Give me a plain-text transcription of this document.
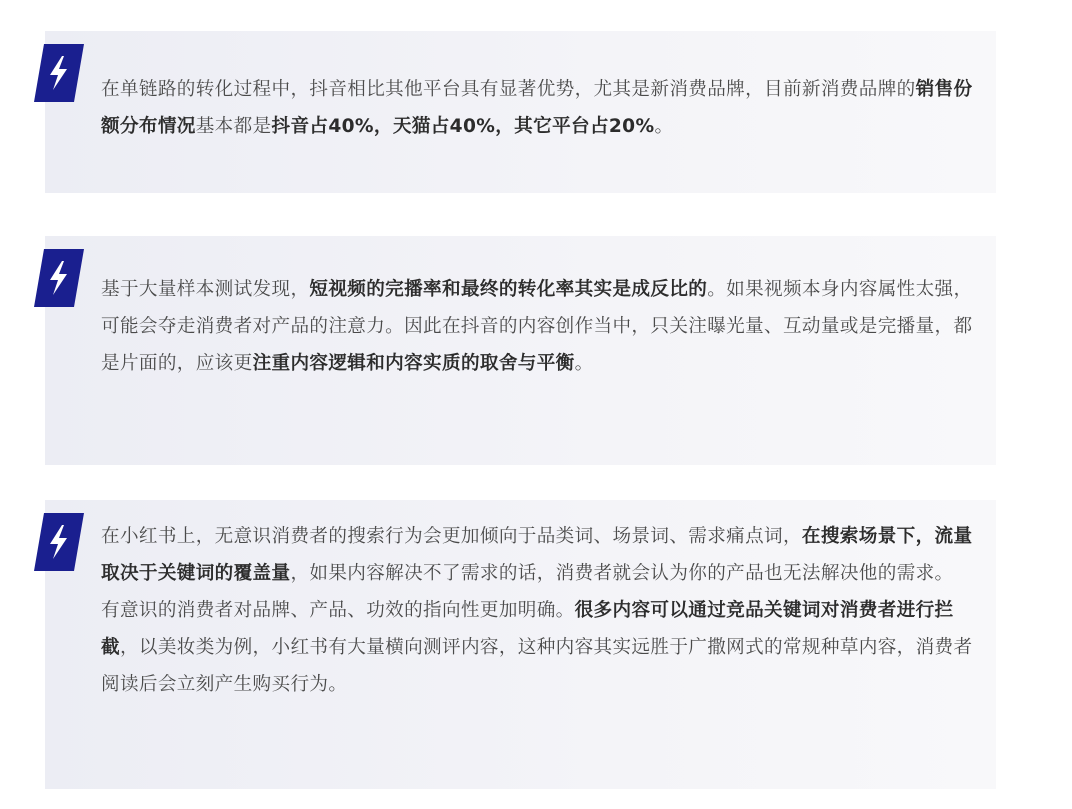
在单链路的转化过程中，抖音相比其他平台具有显著优势，尤其是新消费品牌，目前新消费品牌的销售份额分布情况基本都是抖音占40%，天猫占40%，其它平台占20%。

基于大量样本测试发现，短视频的完播率和最终的转化率其实是成反比的。如果视频本身内容属性太强，可能会夺走消费者对产品的注意力。因此在抖音的内容创作当中，只关注曝光量、互动量或是完播量，都是片面的，应该更注重内容逻辑和内容实质的取舍与平衡。

在小红书上，无意识消费者的搜索行为会更加倾向于品类词、场景词、需求痛点词，在搜索场景下，流量取决于关键词的覆盖量，如果内容解决不了需求的话，消费者就会认为你的产品也无法解决他的需求。

有意识的消费者对品牌、产品、功效的指向性更加明确。很多内容可以通过竞品关键词对消费者进行拦截，以美妆类为例，小红书有大量横向测评内容，这种内容其实远胜于广撒网式的常规种草内容，消费者阅读后会立刻产生购买行为。
